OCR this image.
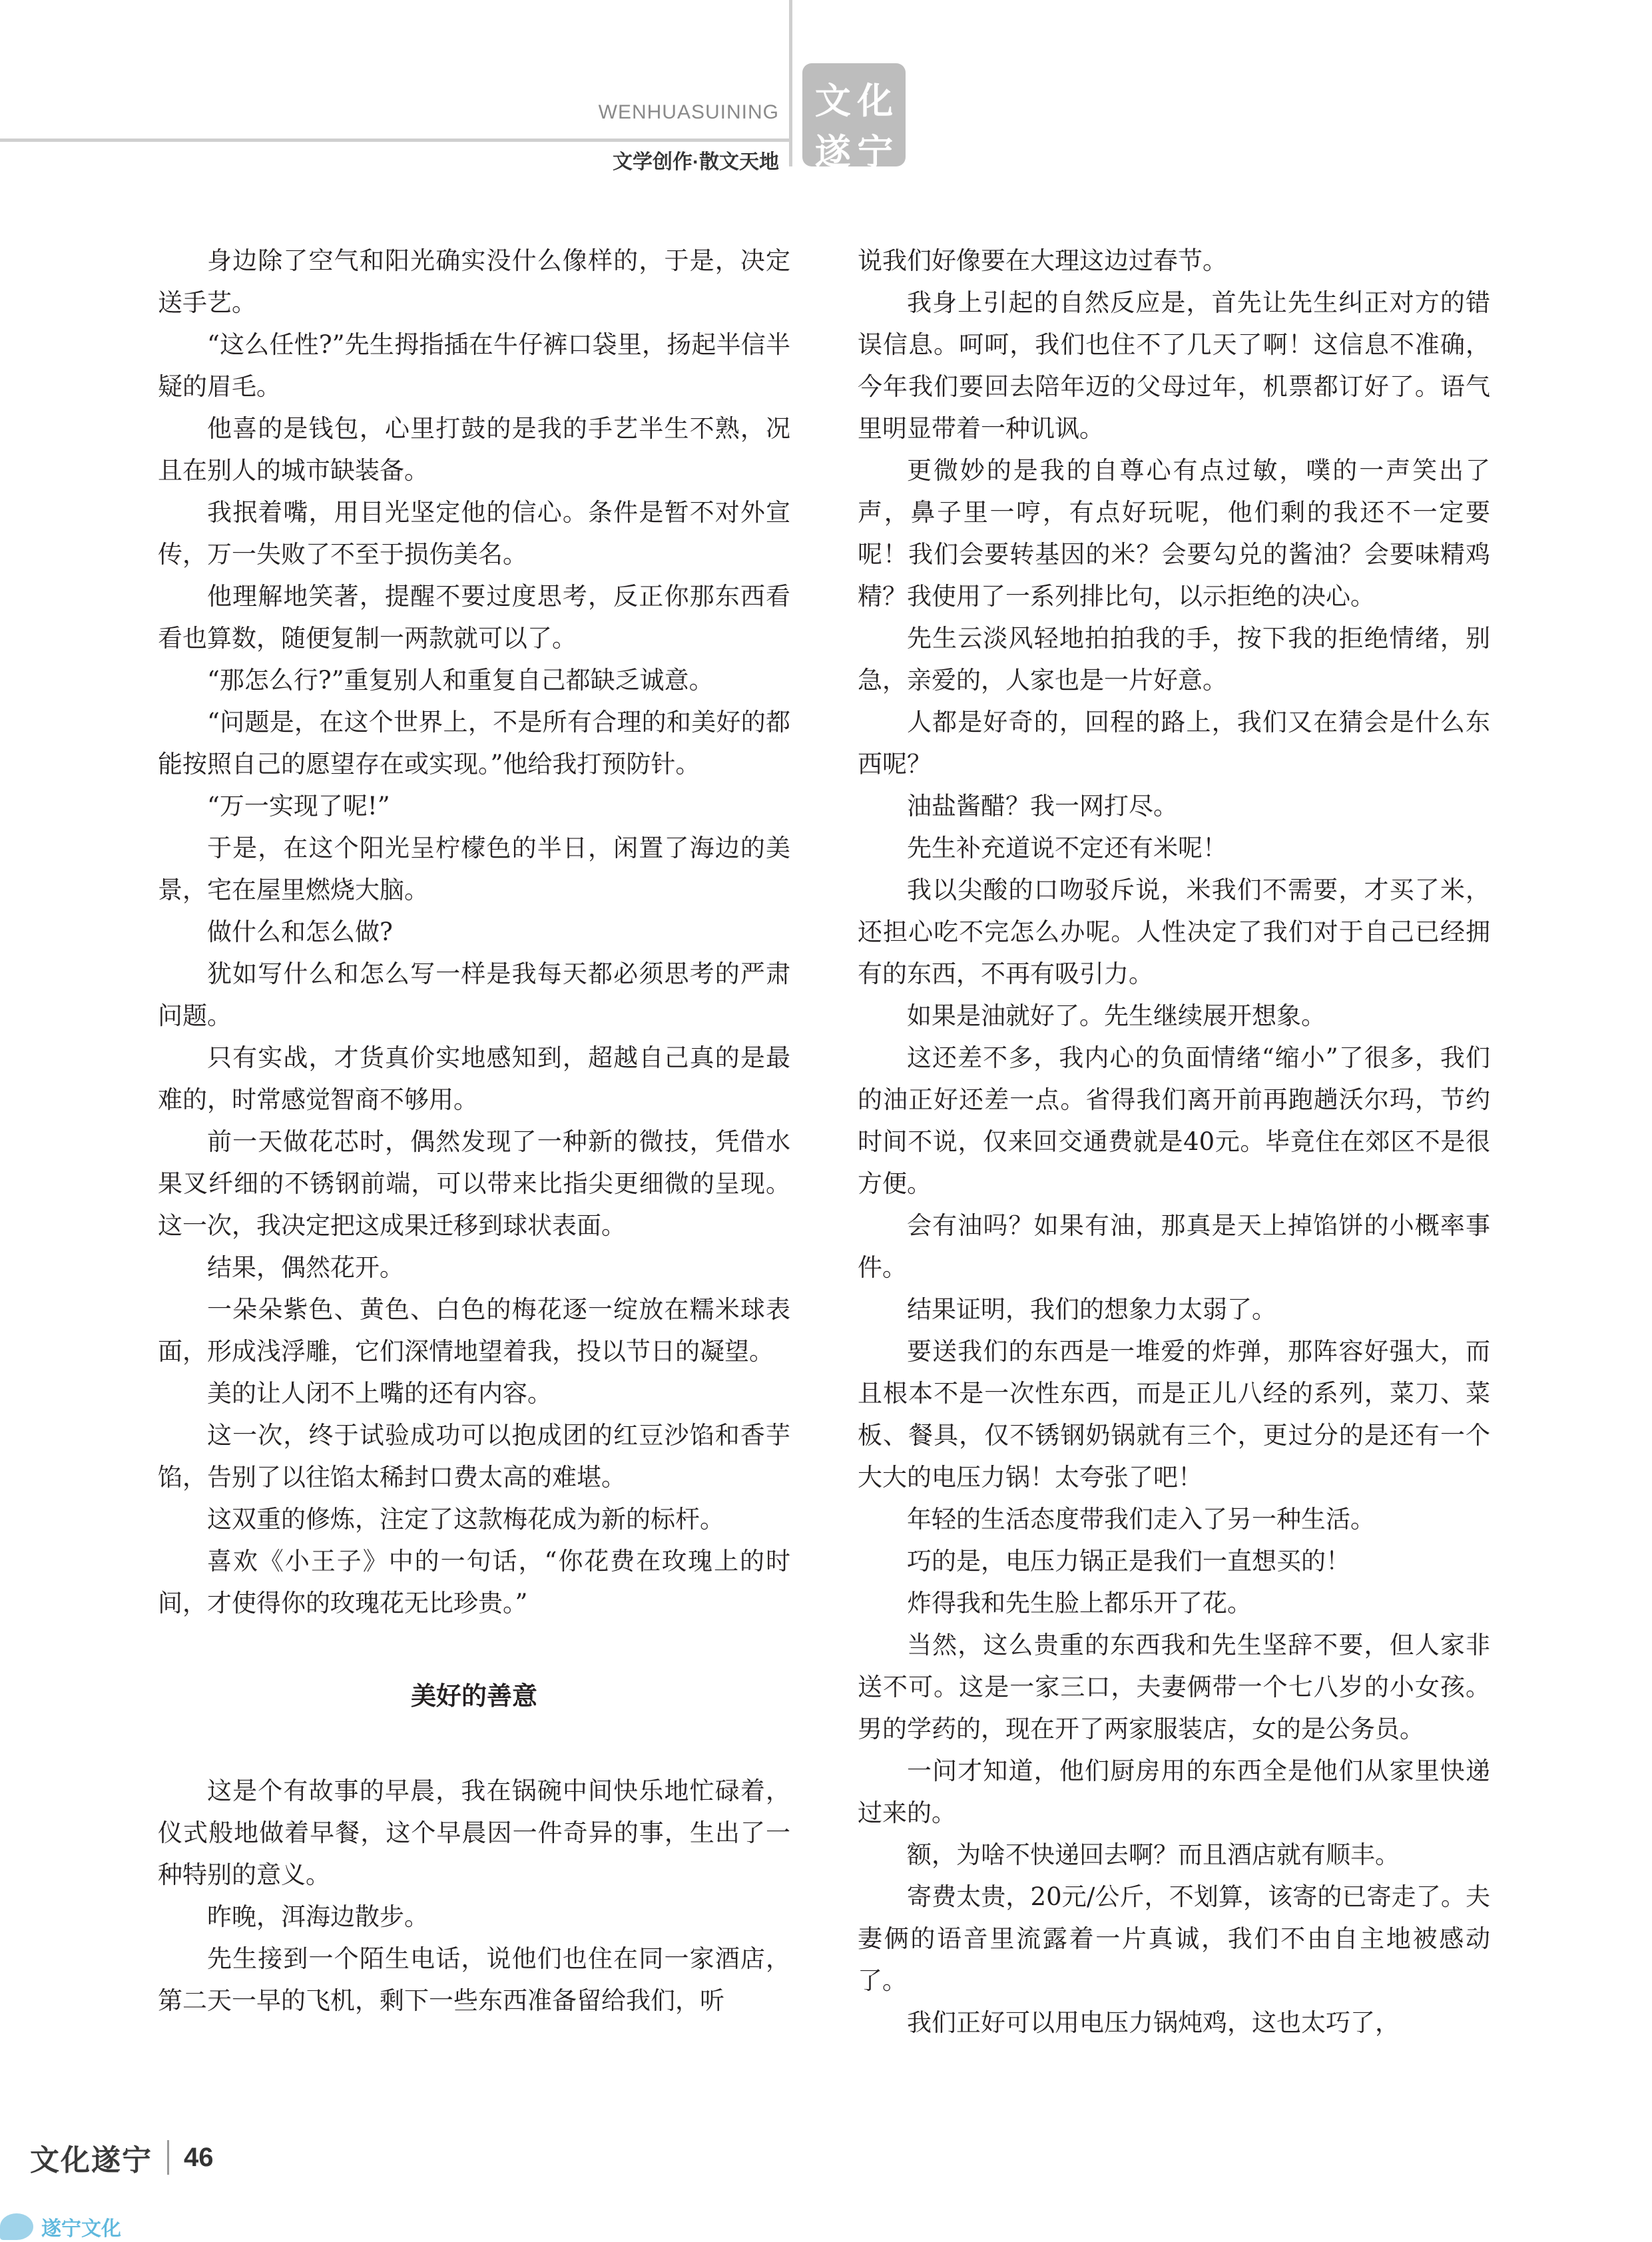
WENHUASUINING
文学创作·散文天地
文 化
遂 宁

身边除了空气和阳光确实没什么像样的，于是，决定送手艺。

“这么任性?”先生拇指插在牛仔裤口袋里，扬起半信半疑的眉毛。

他喜的是钱包，心里打鼓的是我的手艺半生不熟，况且在别人的城市缺装备。

我抿着嘴，用目光坚定他的信心。条件是暂不对外宣传，万一失败了不至于损伤美名。

他理解地笑著，提醒不要过度思考，反正你那东西看看也算数，随便复制一两款就可以了。

“那怎么行?”重复别人和重复自己都缺乏诚意。

“问题是，在这个世界上，不是所有合理的和美好的都能按照自己的愿望存在或实现。”他给我打预防针。

“万一实现了呢!”

于是，在这个阳光呈柠檬色的半日，闲置了海边的美景，宅在屋里燃烧大脑。

做什么和怎么做?

犹如写什么和怎么写一样是我每天都必须思考的严肃问题。

只有实战，才货真价实地感知到，超越自己真的是最难的，时常感觉智商不够用。

前一天做花芯时，偶然发现了一种新的微技，凭借水果叉纤细的不锈钢前端，可以带来比指尖更细微的呈现。这一次，我决定把这成果迁移到球状表面。

结果，偶然花开。

一朵朵紫色、黄色、白色的梅花逐一绽放在糯米球表面，形成浅浮雕，它们深情地望着我，投以节日的凝望。

美的让人闭不上嘴的还有内容。

这一次，终于试验成功可以抱成团的红豆沙馅和香芋馅，告别了以往馅太稀封口费太高的难堪。

这双重的修炼，注定了这款梅花成为新的标杆。

喜欢《小王子》中的一句话，“你花费在玫瑰上的时间，才使得你的玫瑰花无比珍贵。”

美好的善意

这是个有故事的早晨，我在锅碗中间快乐地忙碌着，仪式般地做着早餐，这个早晨因一件奇异的事，生出了一种特别的意义。

昨晚，洱海边散步。

先生接到一个陌生电话，说他们也住在同一家酒店，第二天一早的飞机，剩下一些东西准备留给我们，听

说我们好像要在大理这边过春节。

我身上引起的自然反应是，首先让先生纠正对方的错误信息。呵呵，我们也住不了几天了啊！这信息不准确，今年我们要回去陪年迈的父母过年，机票都订好了。语气里明显带着一种讥讽。

更微妙的是我的自尊心有点过敏，噗的一声笑出了声，鼻子里一哼，有点好玩呢，他们剩的我还不一定要呢！我们会要转基因的米？会要勾兑的酱油？会要味精鸡精？我使用了一系列排比句，以示拒绝的决心。

先生云淡风轻地拍拍我的手，按下我的拒绝情绪，别急，亲爱的，人家也是一片好意。

人都是好奇的，回程的路上，我们又在猜会是什么东西呢？

油盐酱醋？我一网打尽。

先生补充道说不定还有米呢！

我以尖酸的口吻驳斥说，米我们不需要，才买了米，还担心吃不完怎么办呢。人性决定了我们对于自己已经拥有的东西，不再有吸引力。

如果是油就好了。先生继续展开想象。

这还差不多，我内心的负面情绪“缩小”了很多，我们的油正好还差一点。省得我们离开前再跑趟沃尔玛，节约时间不说，仅来回交通费就是40元。毕竟住在郊区不是很方便。

会有油吗？如果有油，那真是天上掉馅饼的小概率事件。

结果证明，我们的想象力太弱了。

要送我们的东西是一堆爱的炸弹，那阵容好强大，而且根本不是一次性东西，而是正儿八经的系列，菜刀、菜板、餐具，仅不锈钢奶锅就有三个，更过分的是还有一个大大的电压力锅！太夸张了吧！

年轻的生活态度带我们走入了另一种生活。

巧的是，电压力锅正是我们一直想买的！

炸得我和先生脸上都乐开了花。

当然，这么贵重的东西我和先生坚辞不要，但人家非送不可。这是一家三口，夫妻俩带一个七八岁的小女孩。男的学药的，现在开了两家服装店，女的是公务员。

一问才知道，他们厨房用的东西全是他们从家里快递过来的。

额，为啥不快递回去啊？而且酒店就有顺丰。

寄费太贵，20元/公斤，不划算，该寄的已寄走了。夫妻俩的语音里流露着一片真诚，我们不由自主地被感动了。

我们正好可以用电压力锅炖鸡，这也太巧了，

文化遂宁 46
遂宁文化
